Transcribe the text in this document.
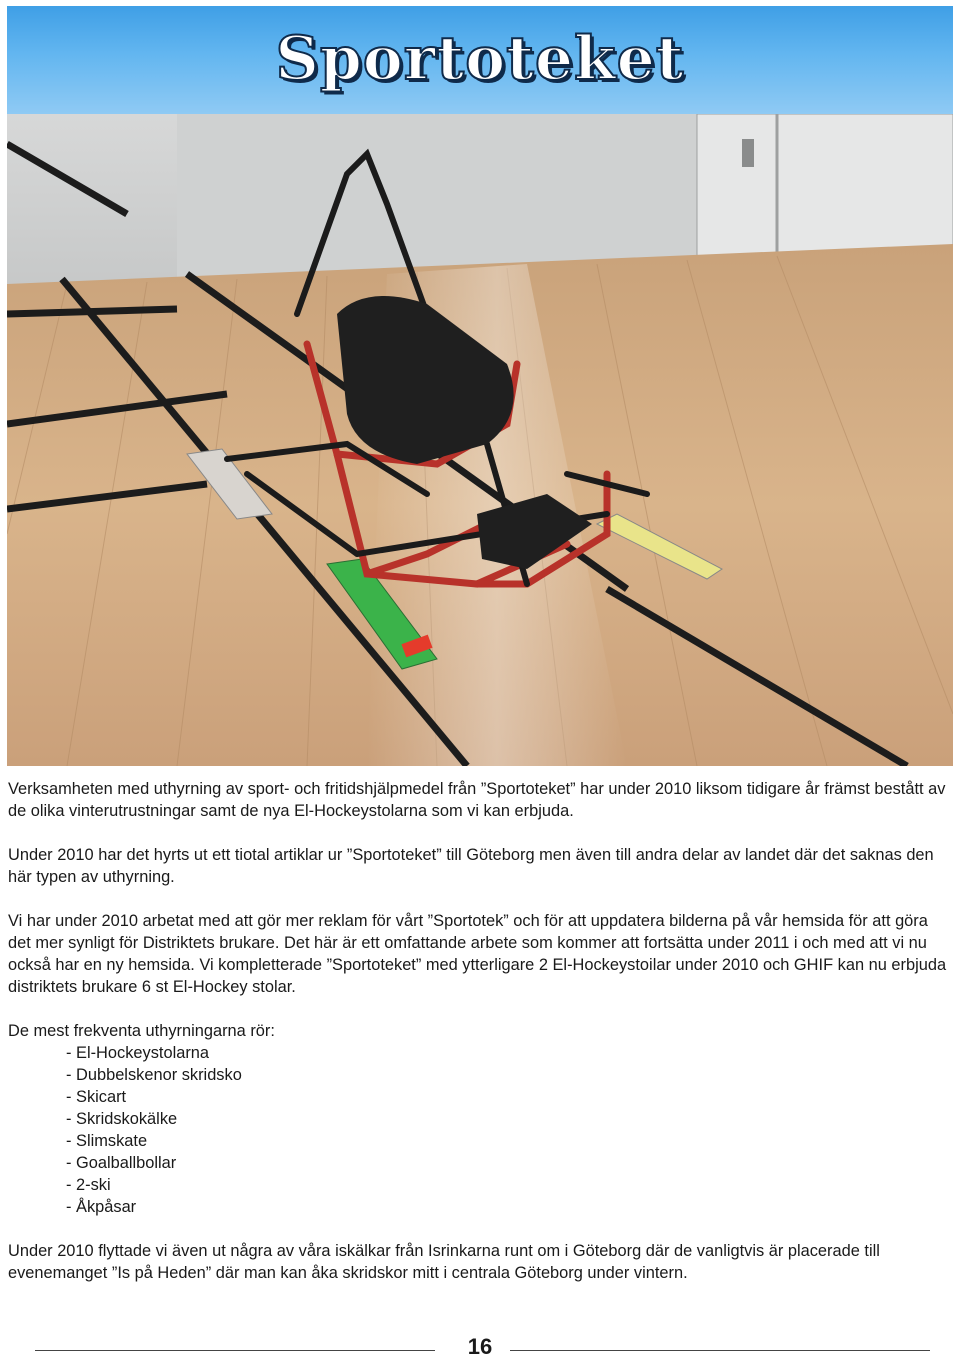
Sportoteket

Verksamheten med uthyrning av sport- och fritidshjälpmedel från ”Sportoteket” har under 2010 liksom tidigare år främst bestått av de olika vinterutrustningar samt de nya El-Hockeystolarna som vi kan erbjuda.

Under 2010 har det hyrts ut ett tiotal artiklar ur ”Sportoteket” till Göteborg men även till andra delar av landet där det saknas den här typen av uthyrning.

Vi har under 2010 arbetat med att gör mer reklam för vårt ”Sportotek” och för att uppdatera bilderna på vår hemsida för att göra det mer synligt för Distriktets brukare. Det här är ett omfattande arbete som kommer att fortsätta under 2011 i och med att vi nu också har en ny hemsida. Vi kompletterade ”Sportoteket” med ytterligare 2 El-Hockeystoilar under 2010 och GHIF kan nu erbjuda distriktets brukare 6 st El-Hockey stolar.

De mest frekventa uthyrningarna rör:

- El-Hockeystolarna
- Dubbelskenor skridsko
- Skicart
- Skridskokälke
- Slimskate
- Goalballbollar
- 2-ski
- Åkpåsar

Under 2010 flyttade vi även ut några av våra iskälkar från Isrinkarna runt om i Göteborg där de vanligtvis är placerade till evenemanget ”Is på Heden” där man kan åka skridskor mitt i centrala Göteborg under vintern.

16
